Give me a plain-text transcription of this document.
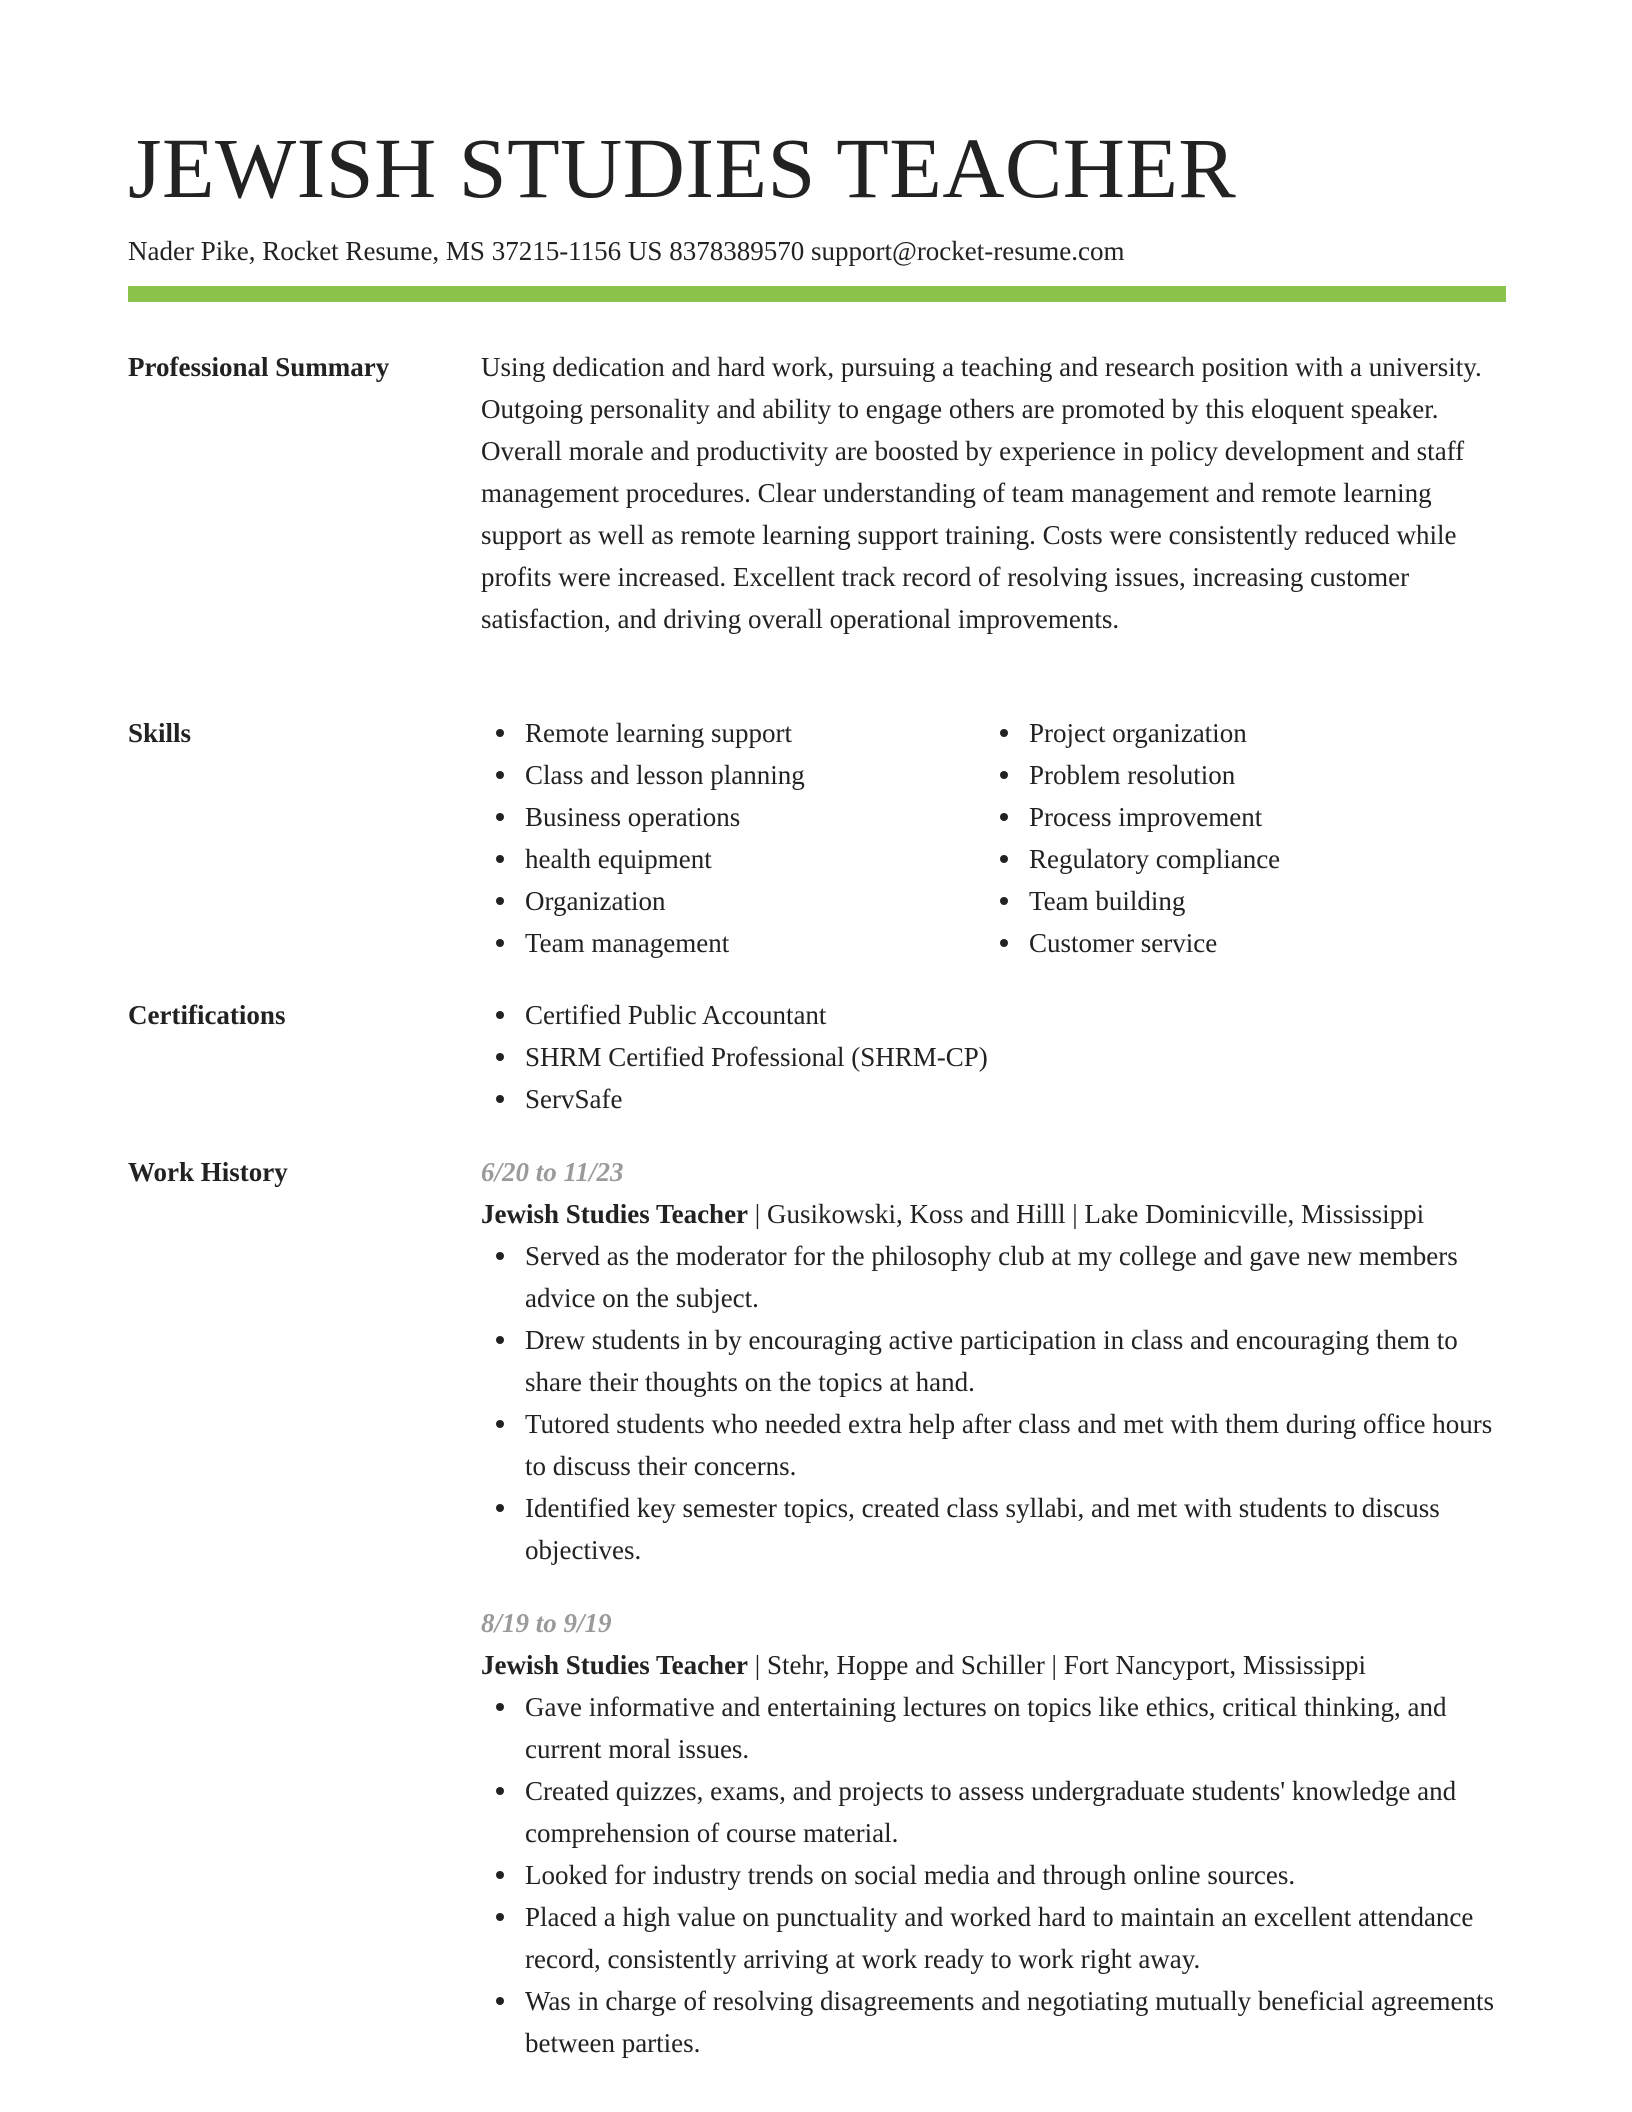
JEWISH STUDIES TEACHER
Nader Pike, Rocket Resume, MS 37215-1156 US 8378389570 support@rocket-resume.com
Professional Summary	Using dedication and hard work, pursuing a teaching and research position with a university. Outgoing personality and ability to engage others are promoted by this eloquent speaker. Overall morale and productivity are boosted by experience in policy development and staff management procedures. Clear understanding of team management and remote learning support as well as remote learning support training. Costs were consistently reduced while profits were increased. Excellent track record of resolving issues, increasing customer satisfaction, and driving overall operational improvements.

Skills	Remote learning support
Class and lesson planning
Business operations
health equipment
Organization
Team management
Project organization
Problem resolution
Process improvement
Regulatory compliance
Team building
Customer service
Certifications	Certified Public Accountant
SHRM Certified Professional (SHRM-CP)
ServSafe
Work History	6/20 to 11/23

Jewish Studies Teacher | Gusikowski, Koss and Hilll | Lake Dominicville, Mississippi

Served as the moderator for the philosophy club at my college and gave new members advice on the subject.
Drew students in by encouraging active participation in class and encouraging them to share their thoughts on the topics at hand.
Tutored students who needed extra help after class and met with them during office hours to discuss their concerns.
Identified key semester topics, created class syllabi, and met with students to discuss objectives.
8/19 to 9/19

Jewish Studies Teacher | Stehr, Hoppe and Schiller | Fort Nancyport, Mississippi

Gave informative and entertaining lectures on topics like ethics, critical thinking, and current moral issues.
Created quizzes, exams, and projects to assess undergraduate students' knowledge and comprehension of course material.
Looked for industry trends on social media and through online sources.
Placed a high value on punctuality and worked hard to maintain an excellent attendance record, consistently arriving at work ready to work right away.
Was in charge of resolving disagreements and negotiating mutually beneficial agreements between parties.
